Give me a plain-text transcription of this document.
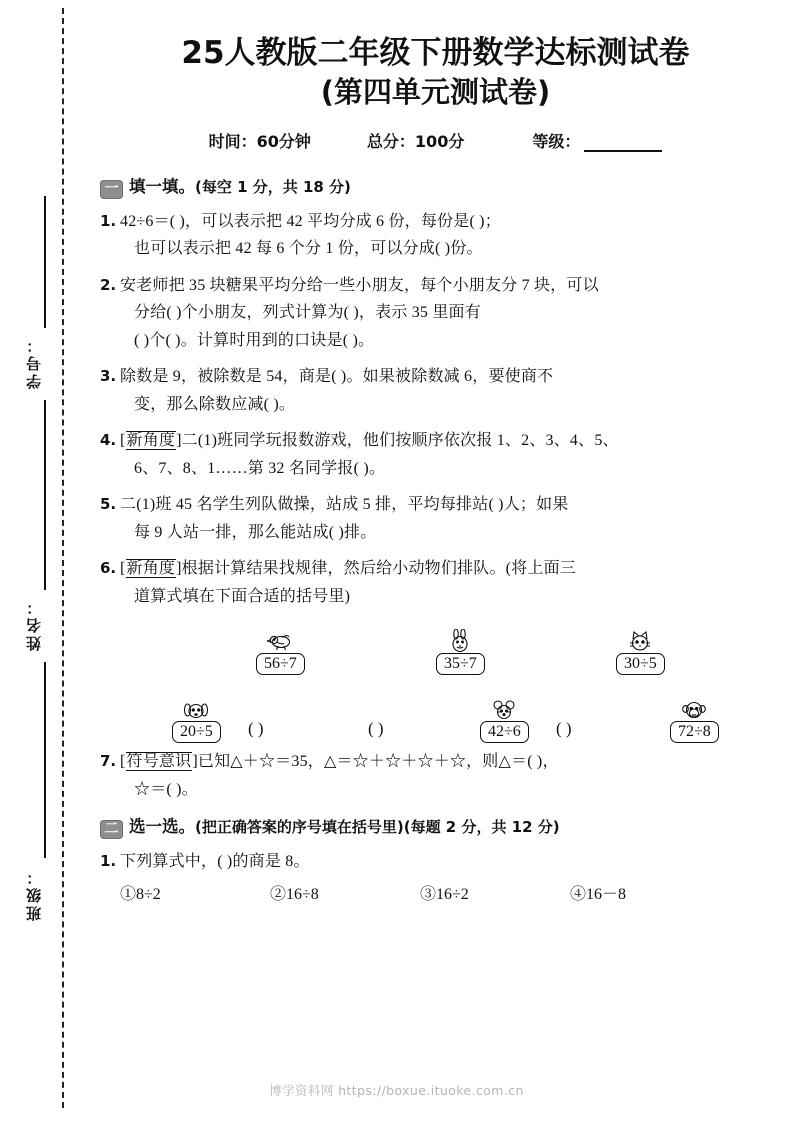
学号：
姓名：
班级：
25人教版二年级下册数学达标测试卷
(第四单元测试卷)
时间：60分钟	总分：100分	等级：
一 填一填。(每空 1 分，共 18 分)
1. 42÷6＝( )，可以表示把 42 平均分成 6 份，每份是( )；
也可以表示把 42 每 6 个分 1 份，可以分成( )份。
2. 安老师把 35 块糖果平均分给一些小朋友，每个小朋友分 7 块，可以
分给( )个小朋友，列式计算为( )，表示 35 里面有
( )个( )。计算时用到的口诀是( )。
3. 除数是 9，被除数是 54，商是( )。如果被除数减 6，要使商不
变，那么除数应减( )。
4. [新角度]二(1)班同学玩报数游戏，他们按顺序依次报 1、2、3、4、5、
6、7、8、1……第 32 名同学报( )。
5. 二(1)班 45 名学生列队做操，站成 5 排，平均每排站( )人；如果
每 9 人站一排，那么能站成( )排。
6. [新角度]根据计算结果找规律，然后给小动物们排队。(将上面三
道算式填在下面合适的括号里)
56÷7	35÷7	30÷5
20÷5	( )	( )	42÷6	( )	72÷8
7. [符号意识]已知△＋☆＝35，△＝☆＋☆＋☆＋☆，则△＝( )，
☆＝( )。
二 选一选。(把正确答案的序号填在括号里)(每题 2 分，共 12 分)
1. 下列算式中，( )的商是 8。
①8÷2	②16÷8	③16÷2	④16－8
博学资料网 https://boxue.ituoke.com.cn
